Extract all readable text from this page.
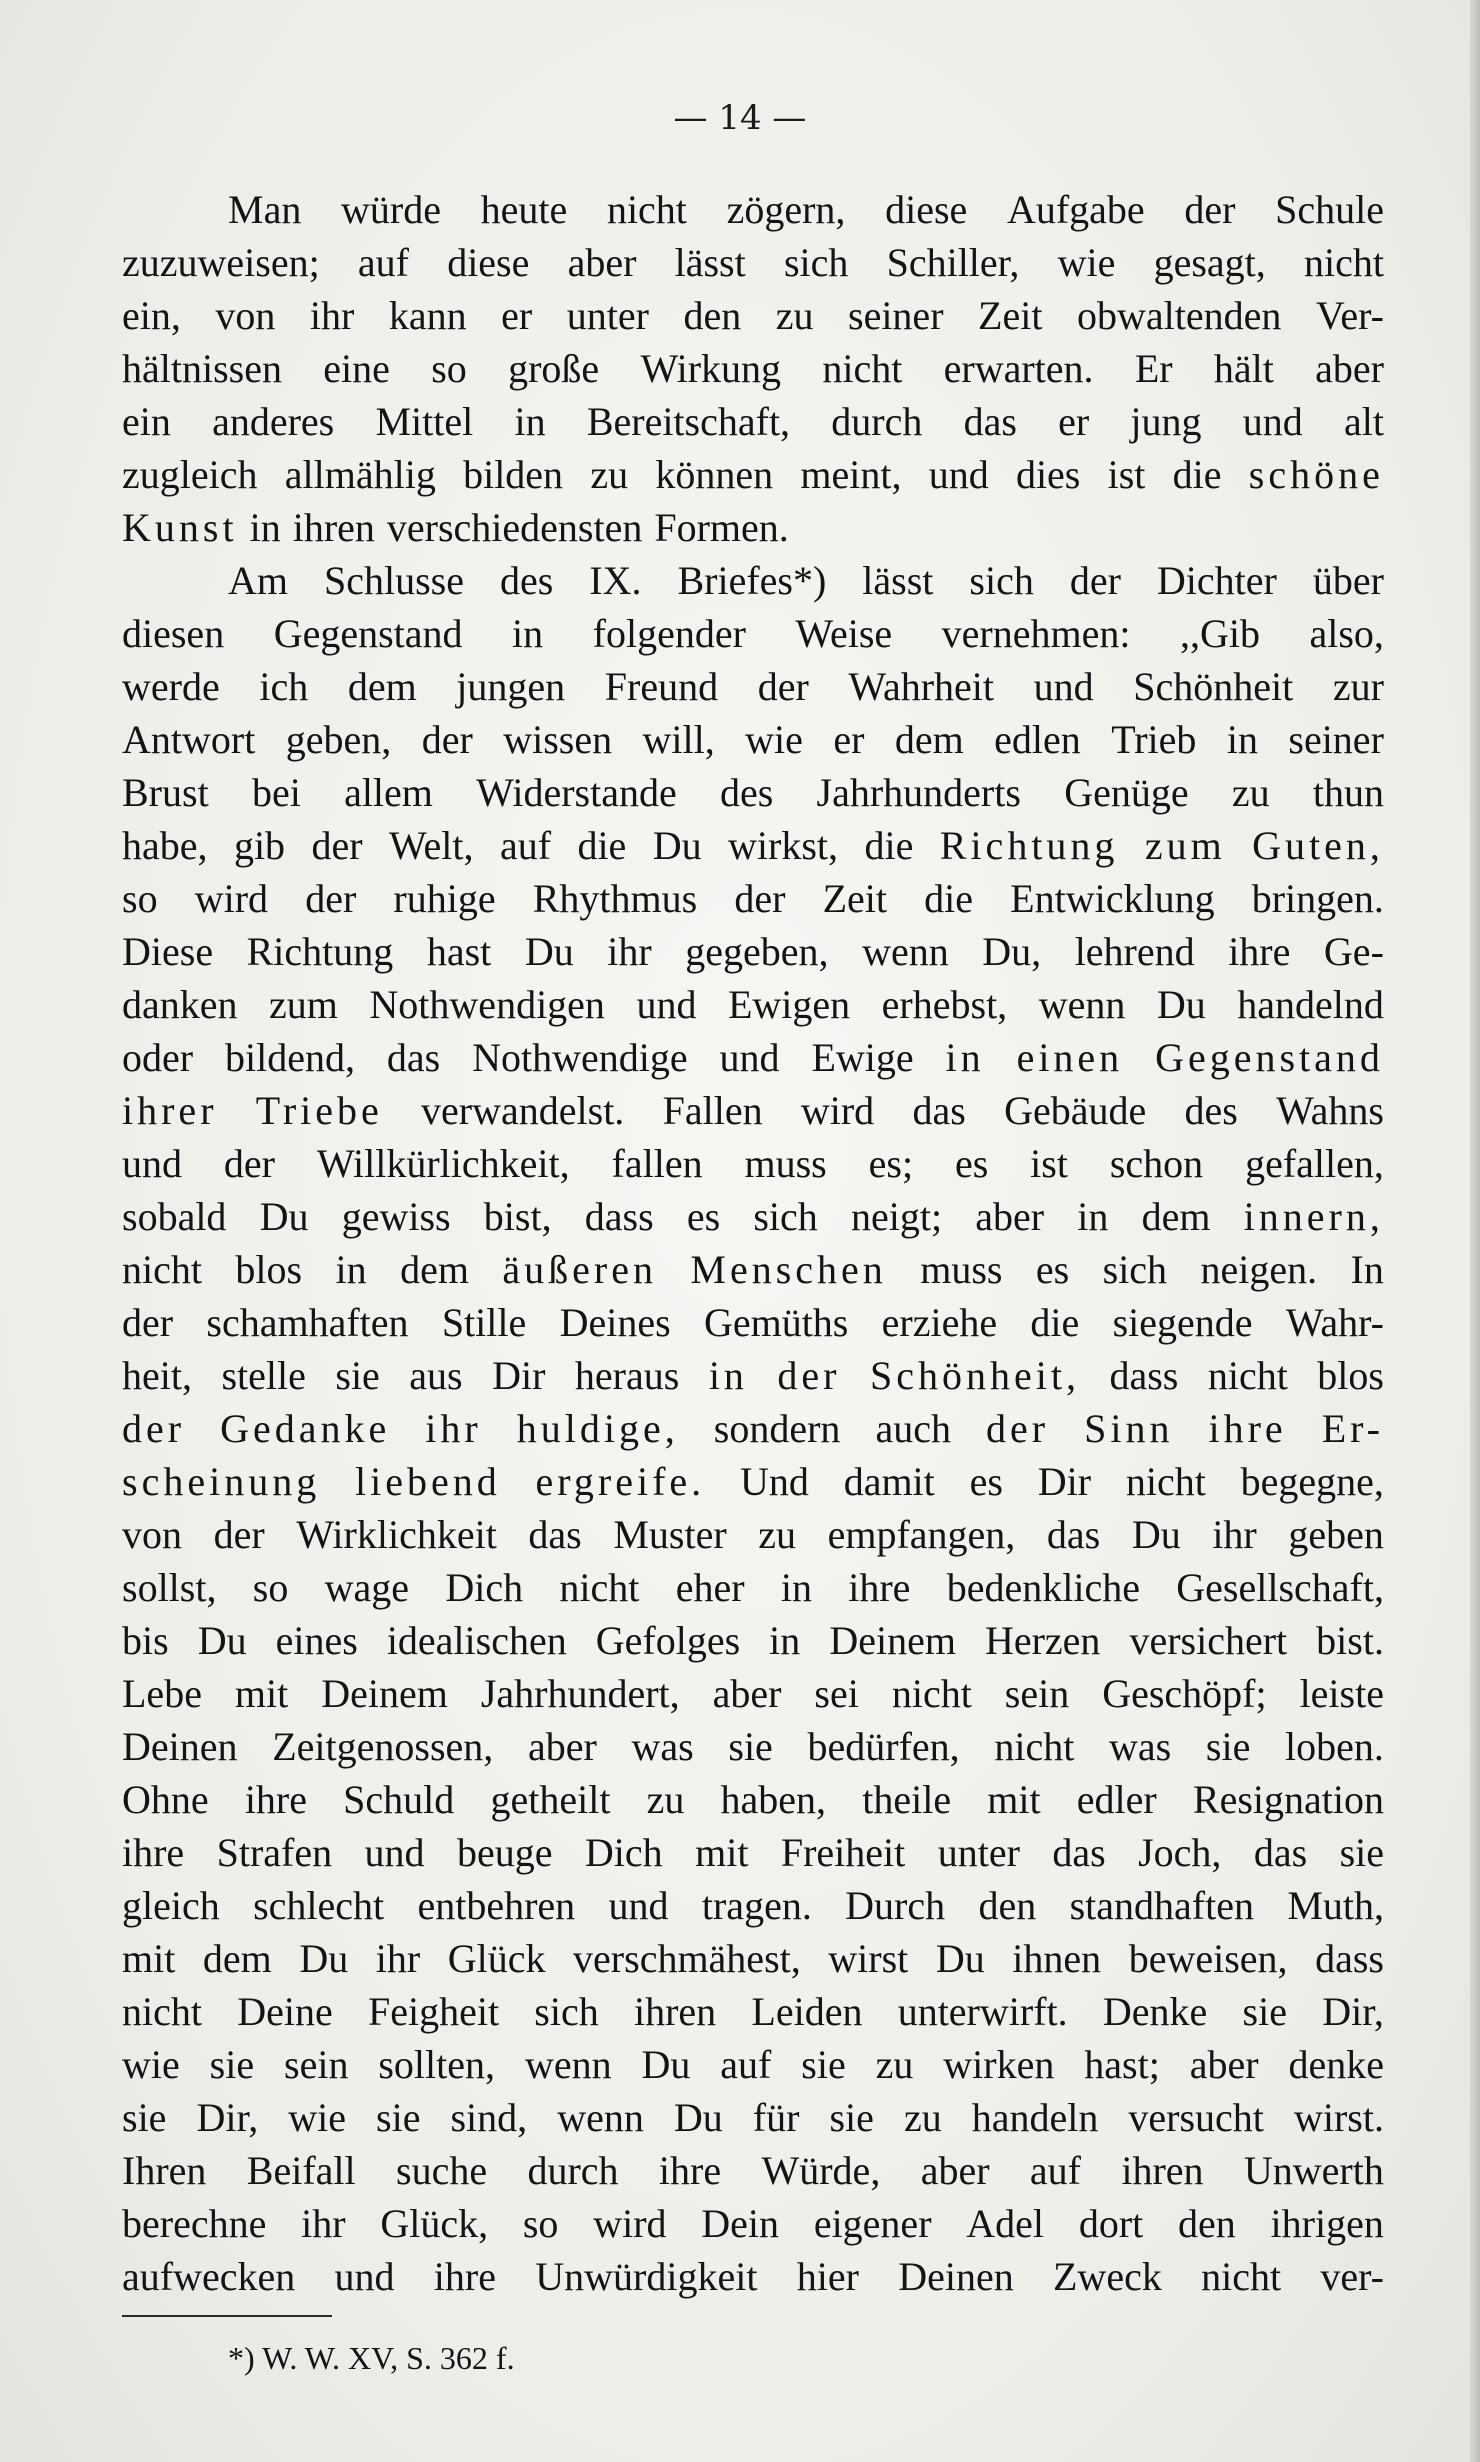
— 14 —
Man würde heute nicht zögern, diese Aufgabe der Schule
zuzuweisen; auf diese aber lässt sich Schiller, wie gesagt, nicht
ein, von ihr kann er unter den zu seiner Zeit obwaltenden Ver-
hältnissen eine so große Wirkung nicht erwarten. Er hält aber
ein anderes Mittel in Bereitschaft, durch das er jung und alt
zugleich allmählig bilden zu können meint, und dies ist die schöne
Kunst in ihren verschiedensten Formen.
Am Schlusse des IX. Briefes*) lässt sich der Dichter über
diesen Gegenstand in folgender Weise vernehmen: ,,Gib also,
werde ich dem jungen Freund der Wahrheit und Schönheit zur
Antwort geben, der wissen will, wie er dem edlen Trieb in seiner
Brust bei allem Widerstande des Jahrhunderts Genüge zu thun
habe, gib der Welt, auf die Du wirkst, die Richtung zum Guten,
so wird der ruhige Rhythmus der Zeit die Entwicklung bringen.
Diese Richtung hast Du ihr gegeben, wenn Du, lehrend ihre Ge-
danken zum Nothwendigen und Ewigen erhebst, wenn Du handelnd
oder bildend, das Nothwendige und Ewige in einen Gegenstand
ihrer Triebe verwandelst. Fallen wird das Gebäude des Wahns
und der Willkürlichkeit, fallen muss es; es ist schon gefallen,
sobald Du gewiss bist, dass es sich neigt; aber in dem innern,
nicht blos in dem äußeren Menschen muss es sich neigen. In
der schamhaften Stille Deines Gemüths erziehe die siegende Wahr-
heit, stelle sie aus Dir heraus in der Schönheit, dass nicht blos
der Gedanke ihr huldige, sondern auch der Sinn ihre Er-
scheinung liebend ergreife. Und damit es Dir nicht begegne,
von der Wirklichkeit das Muster zu empfangen, das Du ihr geben
sollst, so wage Dich nicht eher in ihre bedenkliche Gesellschaft,
bis Du eines idealischen Gefolges in Deinem Herzen versichert bist.
Lebe mit Deinem Jahrhundert, aber sei nicht sein Geschöpf; leiste
Deinen Zeitgenossen, aber was sie bedürfen, nicht was sie loben.
Ohne ihre Schuld getheilt zu haben, theile mit edler Resignation
ihre Strafen und beuge Dich mit Freiheit unter das Joch, das sie
gleich schlecht entbehren und tragen. Durch den standhaften Muth,
mit dem Du ihr Glück verschmähest, wirst Du ihnen beweisen, dass
nicht Deine Feigheit sich ihren Leiden unterwirft. Denke sie Dir,
wie sie sein sollten, wenn Du auf sie zu wirken hast; aber denke
sie Dir, wie sie sind, wenn Du für sie zu handeln versucht wirst.
Ihren Beifall suche durch ihre Würde, aber auf ihren Unwerth
berechne ihr Glück, so wird Dein eigener Adel dort den ihrigen
aufwecken und ihre Unwürdigkeit hier Deinen Zweck nicht ver-
*) W. W. XV, S. 362 f.
